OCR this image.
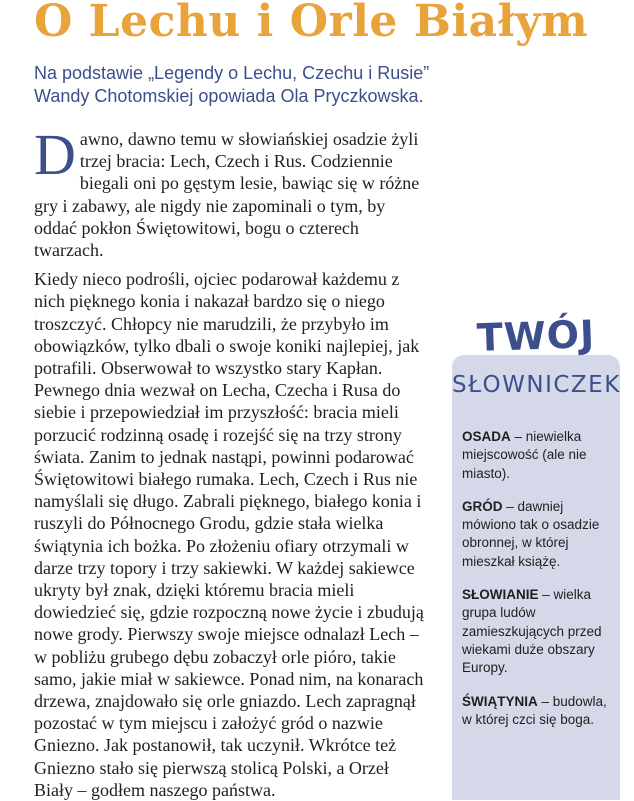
O Lechu i Orle Białym
Na podstawie „Legendy o Lechu, Czechu i Rusie”
Wandy Chotomskiej opowiada Ola Pryczkowska.

Dawno, dawno temu w słowiańskiej osadzie żyli trzej bracia: Lech, Czech i Rus. Codziennie biegali oni po gęstym lesie, bawiąc się w różne gry i zabawy, ale nigdy nie zapominali o tym, by oddać pokłon Świętowitowi, bogu o czterech twarzach.

Kiedy nieco podrośli, ojciec podarował każdemu z nich pięknego konia i nakazał bardzo się o niego troszczyć. Chłopcy nie marudzili, że przybyło im obowiązków, tylko dbali o swoje koniki najlepiej, jak potrafili. Obserwował to wszystko stary Kapłan. Pewnego dnia wezwał on Lecha, Czecha i Rusa do siebie i przepowiedział im przyszłość: bracia mieli porzucić rodzinną osadę i rozejść się na trzy strony świata. Zanim to jednak nastąpi, powinni podarować Świętowitowi białego rumaka. Lech, Czech i Rus nie namyślali się długo. Zabrali pięknego, białego konia i ruszyli do Północnego Grodu, gdzie stała wielka świątynia ich bożka. Po złożeniu ofiary otrzymali w darze trzy topory i trzy sakiewki. W każdej sakiewce ukryty był znak, dzięki któremu bracia mieli dowiedzieć się, gdzie rozpoczną nowe życie i zbudują nowe grody. Pierwszy swoje miejsce odnalazł Lech – w pobliżu grubego dębu zobaczył orle pióro, takie samo, jakie miał w sakiewce. Ponad nim, na konarach drzewa, znajdowało się orle gniazdo. Lech zapragnął pozostać w tym miejscu i założyć gród o nazwie Gniezno. Jak postanowił, tak uczynił. Wkrótce też Gniezno stało się pierwszą stolicą Polski, a Orzeł Biały – godłem naszego państwa.

TWÓJ
SŁOWNICZEK
OSADA – niewielka miejscowość (ale nie miasto).
GRÓD – dawniej mówiono tak o osadzie obronnej, w której mieszkał książę.
SŁOWIANIE – wielka grupa ludów zamieszkujących przed wiekami duże obszary Europy.
ŚWIĄTYNIA – budowla, w której czci się boga.
